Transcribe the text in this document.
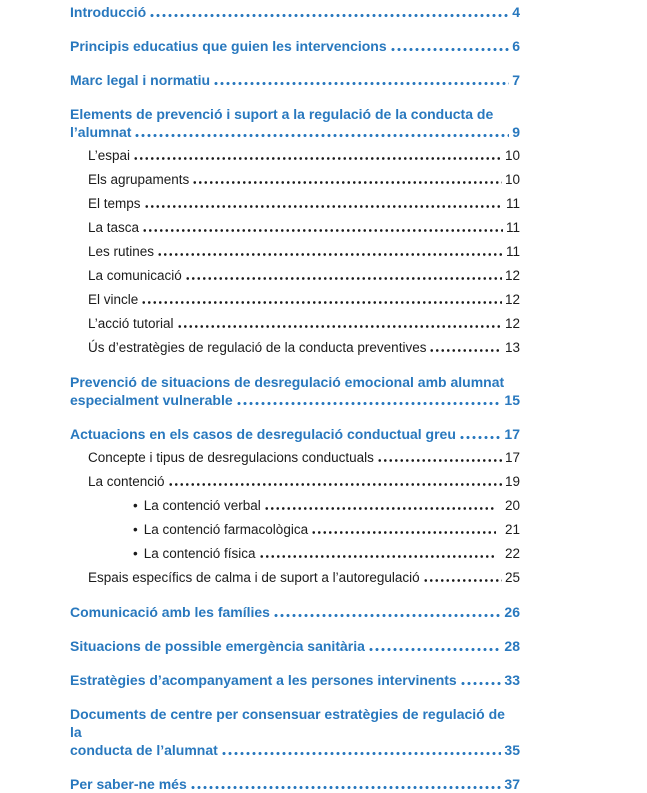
Introducció	4
Principis educatius que guien les intervencions	6
Marc legal i normatiu	7
Elements de prevenció i suport a la regulació de la conducta de
l’alumnat	9
L’espai	10
Els agrupaments	10
El temps	11
La tasca	11
Les rutines	11
La comunicació	12
El vincle	12
L’acció tutorial	12
Ús d’estratègies de regulació de la conducta preventives	13
Prevenció de situacions de desregulació emocional amb alumnat
especialment vulnerable	15
Actuacions en els casos de desregulació conductual greu	17
Concepte i tipus de desregulacions conductuals	17
La contenció	19
• La contenció verbal	20
• La contenció farmacològica	21
• La contenció física	22
Espais específics de calma i de suport a l’autoregulació	25
Comunicació amb les famílies	26
Situacions de possible emergència sanitària	28
Estratègies d’acompanyament a les persones intervinents	33
Documents de centre per consensuar estratègies de regulació de la
conducta de l’alumnat	35
Per saber-ne més	37
